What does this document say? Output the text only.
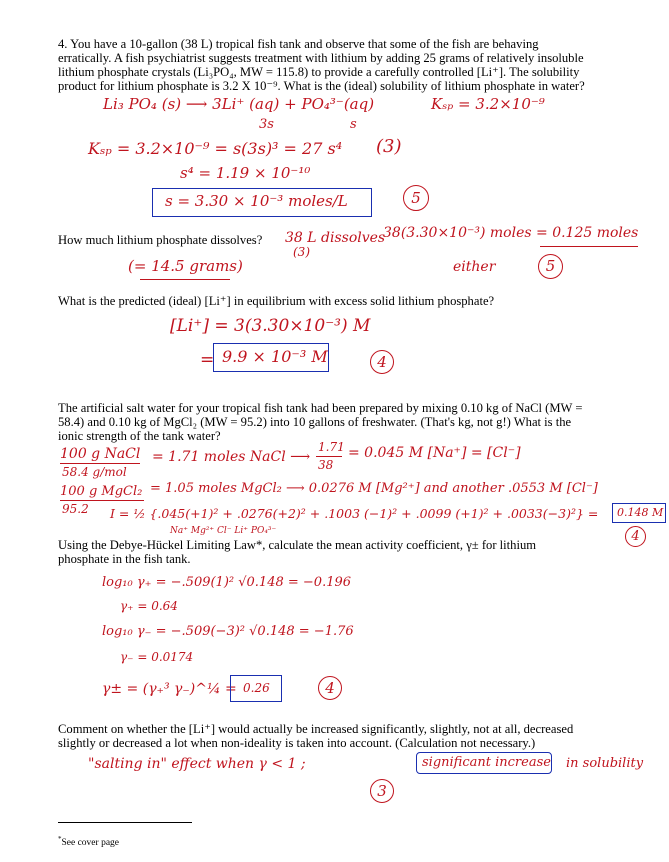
4. You have a 10-gallon (38 L) tropical fish tank and observe that some of the fish are behaving
erratically. A fish psychiatrist suggests treatment with lithium by adding 25 grams of relatively insoluble
lithium phosphate crystals (Li₃PO₄, MW = 115.8) to provide a carefully controlled [Li⁺]. The solubility
product for lithium phosphate is 3.2 X 10⁻⁹. What is the (ideal) solubility of lithium phosphate in water?
Li₃ PO₄ (s) ⟶ 3Li⁺ (aq) + PO₄³⁻(aq)	Kₛₚ = 3.2×10⁻⁹
3s	s
Kₛₚ = 3.2×10⁻⁹ = s(3s)³ = 27 s⁴ (3)
s⁴ = 1.19 × 10⁻¹⁰
s = 3.30 × 10⁻³ moles/L	5
How much lithium phosphate dissolves? 38 L dissolves
(3)
38(3.30×10⁻³) moles = 0.125 moles
(= 14.5 grams)	either	5
What is the predicted (ideal) [Li⁺] in equilibrium with excess solid lithium phosphate?
[Li⁺] = 3(3.30×10⁻³) M
= 9.9 × 10⁻³ M	4
The artificial salt water for your tropical fish tank had been prepared by mixing 0.10 kg of NaCl (MW =
58.4) and 0.10 kg of MgCl₂ (MW = 95.2) into 10 gallons of freshwater. (That's kg, not g!) What is the
ionic strength of the tank water?
100 g NaCl
58.4 g/mol
= 1.71 moles NaCl ⟶
1.71
38
= 0.045 M [Na⁺] = [Cl⁻]
100 g MgCl₂
95.2
= 1.05 moles MgCl₂ ⟶ 0.0276 M [Mg²⁺] and another .0553 M [Cl⁻]
I = ½ {.045(+1)² + .0276(+2)² + .1003 (−1)² + .0099 (+1)² + .0033(−3)²} =
Na⁺ Mg²⁺ Cl⁻ Li⁺ PO₄³⁻
0.148 M
4
Using the Debye-Hückel Limiting Law*, calculate the mean activity coefficient, γ± for lithium
phosphate in the fish tank.
log₁₀ γ₊ = −.509(1)² √0.148 = −0.196
γ₊ = 0.64
log₁₀ γ₋ = −.509(−3)² √0.148 = −1.76
γ₋ = 0.0174
γ± = (γ₊³ γ₋)^¼ = 0.26	4
Comment on whether the [Li⁺] would actually be increased significantly, slightly, not at all, decreased
slightly or decreased a lot when non-ideality is taken into account. (Calculation not necessary.)
"salting in" effect when γ < 1 ;	significant increase in solubility
3
*See cover page
